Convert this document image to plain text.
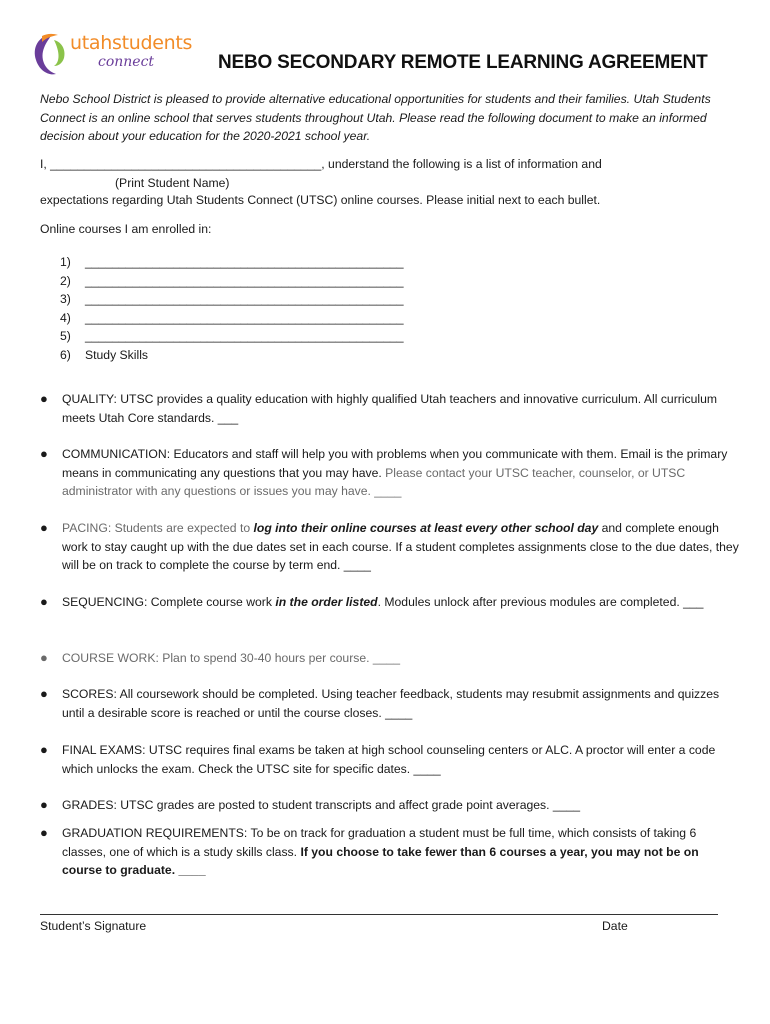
utahstudents
connect	NEBO SECONDARY REMOTE LEARNING AGREEMENT
Nebo School District is pleased to provide alternative educational opportunities for students and their families. Utah Students Connect is an online school that serves students throughout Utah. Please read the following document to make an informed decision about your education for the 2020-2021 school year.
I, ________________________________________, understand the following is a list of information and
(Print Student Name)
expectations regarding Utah Students Connect (UTSC) online courses. Please initial next to each bullet.
Online courses I am enrolled in:
1) _______________________________________________
2) _______________________________________________
3) _______________________________________________
4) _______________________________________________
5) _______________________________________________
6) Study Skills
● QUALITY: UTSC provides a quality education with highly qualified Utah teachers and innovative curriculum. All curriculum meets Utah Core standards. ___
● COMMUNICATION: Educators and staff will help you with problems when you communicate with them. Email is the primary means in communicating any questions that you may have. Please contact your UTSC teacher, counselor, or UTSC administrator with any questions or issues you may have. ____
● PACING: Students are expected to log into their online courses at least every other school day and complete enough work to stay caught up with the due dates set in each course. If a student completes assignments close to the due dates, they will be on track to complete the course by term end. ____
● SEQUENCING: Complete course work in the order listed. Modules unlock after previous modules are completed. ___
● COURSE WORK: Plan to spend 30-40 hours per course. ____
● SCORES: All coursework should be completed. Using teacher feedback, students may resubmit assignments and quizzes until a desirable score is reached or until the course closes. ____
● FINAL EXAMS: UTSC requires final exams be taken at high school counseling centers or ALC. A proctor will enter a code which unlocks the exam. Check the UTSC site for specific dates. ____
● GRADES: UTSC grades are posted to student transcripts and affect grade point averages. ____
● GRADUATION REQUIREMENTS: To be on track for graduation a student must be full time, which consists of taking 6 classes, one of which is a study skills class. If you choose to take fewer than 6 courses a year, you may not be on course to graduate. ____
Student’s Signature	Date
